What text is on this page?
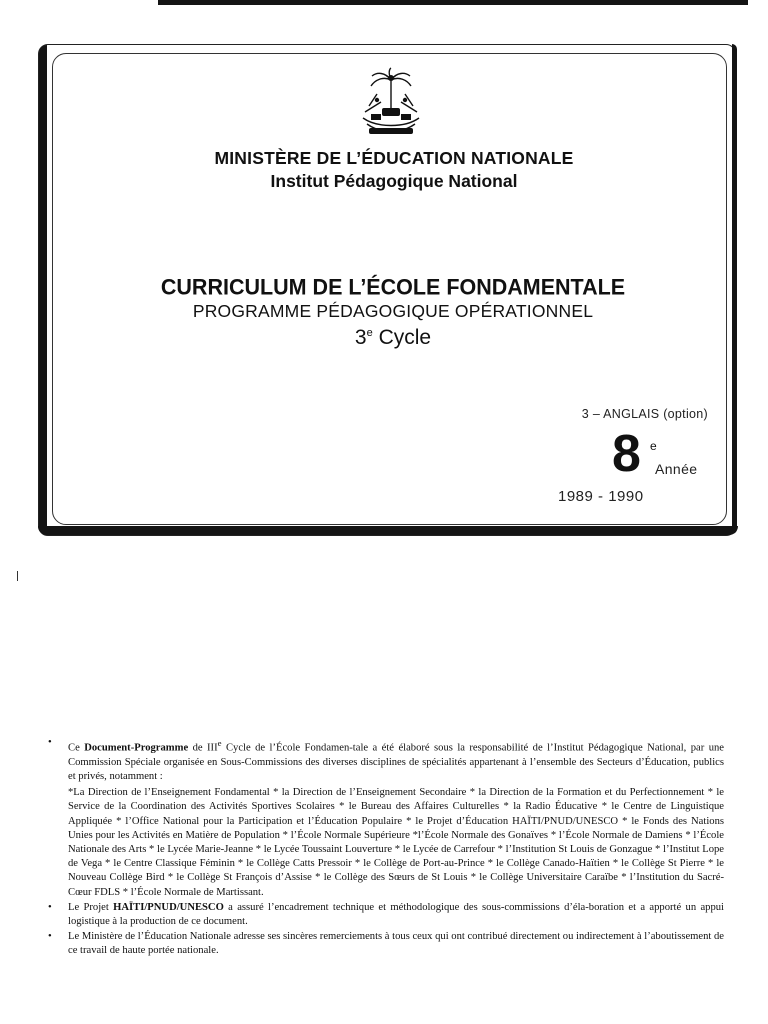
MINISTÈRE DE L’ÉDUCATION NATIONALE
Institut Pédagogique National
CURRICULUM DE L’ÉCOLE FONDAMENTALE
PROGRAMME PÉDAGOGIQUE OPÉRATIONNEL
3e Cycle
3 – ANGLAIS (option)
8 e
Année
1989 - 1990
•

Ce Document-Programme de IIIe Cycle de l’École Fondamen-tale a été élaboré sous la responsabilité de l’Institut Pédagogique National, par une Commission Spéciale organisée en Sous-Commissions des diverses disciplines de spécialités appartenant à l’ensemble des Secteurs d’Éducation, publics et privés, notamment :

*La Direction de l’Enseignement Fondamental * la Direction de l’Enseignement Secondaire * la Direction de la Formation et du Perfectionnement * le Service de la Coordination des Activités Sportives Scolaires * le Bureau des Affaires Culturelles * la Radio Éducative * le Centre de Linguistique Appliquée * l’Office National pour la Participation et l’Éducation Populaire * le Projet d’Éducation HAÏTI/PNUD/UNESCO * le Fonds des Nations Unies pour les Activités en Matière de Population * l’École Normale Supérieure *l’École Normale des Gonaïves * l’École Normale de Damiens * l’École Nationale des Arts * le Lycée Marie-Jeanne * le Lycée Toussaint Louverture * le Lycée de Carrefour * l’Institution St Louis de Gonzague * l’Institut Lope de Vega * le Centre Classique Féminin * le Collège Catts Pressoir * le Collège de Port-au-Prince * le Collège Canado-Haïtien * le Collège St Pierre * le Nouveau Collège Bird * le Collège St François d’Assise * le Collège des Sœurs de St Louis * le Collège Universitaire Caraïbe * l’Institution du Sacré-Cœur FDLS * l’École Normale de Martissant.

• Le Projet HAÏTI/PNUD/UNESCO a assuré l’encadrement technique et méthodologique des sous-commissions d’éla-boration et a apporté un appui logistique à la production de ce document.

• Le Ministère de l’Éducation Nationale adresse ses sincères remerciements à tous ceux qui ont contribué directement ou indirectement à l’aboutissement de ce travail de haute portée nationale.
